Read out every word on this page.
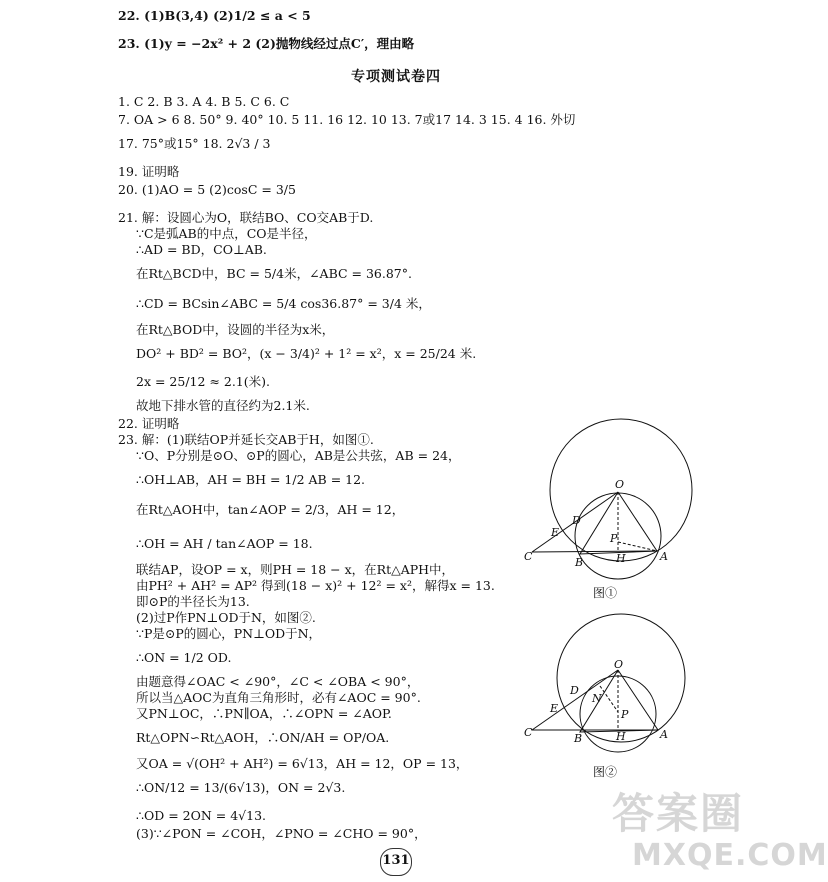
22. (1)B(3,4) (2)1/2 ≤ a < 5
23. (1)y = −2x² + 2 (2)抛物线经过点C′，理由略
专项测试卷四
1. C 2. B 3. A 4. B 5. C 6. C
7. OA > 6 8. 50° 9. 40° 10. 5 11. 16 12. 10 13. 7或17 14. 3 15. 4 16. 外切
17. 75°或15° 18. 2√3 / 3
19. 证明略
20. (1)AO = 5 (2)cosC = 3/5
21. 解：设圆心为O，联结BO、CO交AB于D.
∵C是弧AB的中点，CO是半径，
∴AD = BD，CO⊥AB.
在Rt△BCD中，BC = 5/4米，∠ABC = 36.87°.
∴CD = BCsin∠ABC = 5/4 cos36.87° = 3/4 米，
在Rt△BOD中，设圆的半径为x米，
DO² + BD² = BO²，(x − 3/4)² + 1² = x²，x = 25/24 米.
2x = 25/12 ≈ 2.1(米).
故地下排水管的直径约为2.1米.
22. 证明略
23. 解：(1)联结OP并延长交AB于H，如图①.
∵O、P分别是⊙O、⊙P的圆心，AB是公共弦，AB = 24，
∴OH⊥AB，AH = BH = 1/2 AB = 12.
在Rt△AOH中，tan∠AOP = 2/3，AH = 12，
∴OH = AH / tan∠AOP = 18.
联结AP，设OP = x，则PH = 18 − x，在Rt△APH中，
由PH² + AH² = AP² 得到(18 − x)² + 12² = x²，解得x = 13.
即⊙P的半径长为13.
(2)过P作PN⊥OD于N，如图②.
∵P是⊙P的圆心，PN⊥OD于N，
∴ON = 1/2 OD.
由题意得∠OAC < ∠90°，∠C < ∠OBA < 90°，
所以当△AOC为直角三角形时，必有∠AOC = 90°.
又PN⊥OC，∴PN∥OA，∴∠OPN = ∠AOP.
Rt△OPN∽Rt△AOH，∴ON/AH = OP/OA.
又OA = √(OH² + AH²) = 6√13，AH = 12，OP = 13，
∴ON/12 = 13/(6√13)，ON = 2√3.
∴OD = 2ON = 4√13.
(3)∵∠PON = ∠COH，∠PNO = ∠CHO = 90°，
O
D
E
C
P
H	A
B
图①
O
D
N
E	P
C	B	H	A
图②
答案圈
MXQE.COM
131
